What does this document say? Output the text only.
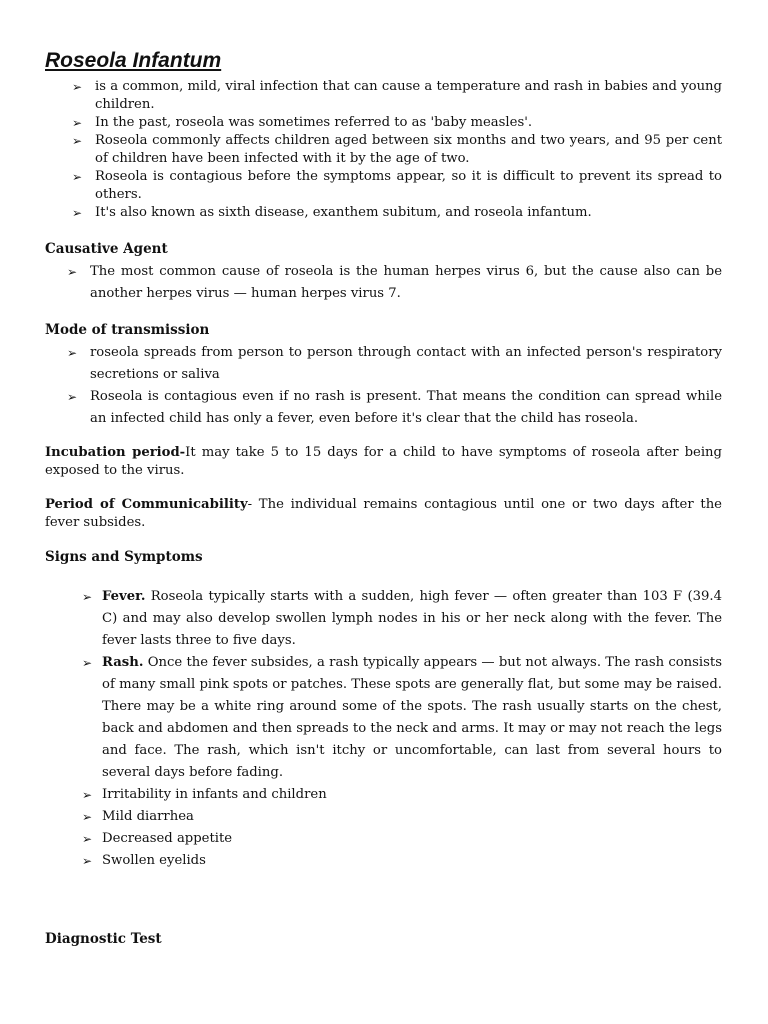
Roseola Infantum
➢ is a common, mild, viral infection that can cause a temperature and rash in babies and young children.
➢ In the past, roseola was sometimes referred to as 'baby measles'.
➢ Roseola commonly affects children aged between six months and two years, and 95 per cent of children have been infected with it by the age of two.
➢ Roseola is contagious before the symptoms appear, so it is difficult to prevent its spread to others.
➢ It's also known as sixth disease, exanthem subitum, and roseola infantum.
Causative Agent
➢ The most common cause of roseola is the human herpes virus 6, but the cause also can be another herpes virus — human herpes virus 7.
Mode of transmission
➢ roseola spreads from person to person through contact with an infected person's respiratory secretions or saliva
➢ Roseola is contagious even if no rash is present. That means the condition can spread while an infected child has only a fever, even before it's clear that the child has roseola.

Incubation period-It may take 5 to 15 days for a child to have symptoms of roseola after being exposed to the virus.

Period of Communicability- The individual remains contagious until one or two days after the fever subsides.

Signs and Symptoms
➢ Fever. Roseola typically starts with a sudden, high fever — often greater than 103 F (39.4 C) and may also develop swollen lymph nodes in his or her neck along with the fever. The fever lasts three to five days.
➢ Rash. Once the fever subsides, a rash typically appears — but not always. The rash consists of many small pink spots or patches. These spots are generally flat, but some may be raised. There may be a white ring around some of the spots. The rash usually starts on the chest, back and abdomen and then spreads to the neck and arms. It may or may not reach the legs and face. The rash, which isn't itchy or uncomfortable, can last from several hours to several days before fading.
➢ Irritability in infants and children
➢ Mild diarrhea
➢ Decreased appetite
➢ Swollen eyelids
Diagnostic Test
